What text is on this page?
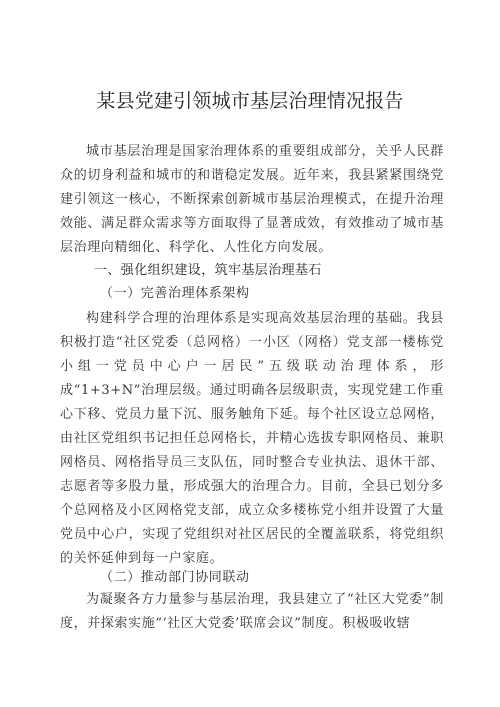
某县党建引领城市基层治理情况报告
城市基层治理是国家治理体系的重要组成部分，关乎人民群众的切身利益和城市的和谐稳定发展。近年来，我县紧紧围绕党建引领这一核心，不断探索创新城市基层治理模式，在提升治理效能、满足群众需求等方面取得了显著成效，有效推动了城市基层治理向精细化、科学化、人性化方向发展。
一、强化组织建设，筑牢基层治理基石
（一）完善治理体系架构
构建科学合理的治理体系是实现高效基层治理的基础。我县积极打造“社区党委（总网格）一小区（网格）党支部一楼栋党小组一党员中心户一居民”五级联动治理体系，形成“1+3+N”治理层级。通过明确各层级职责，实现党建工作重心下移、党员力量下沉、服务触角下延。每个社区设立总网格，由社区党组织书记担任总网格长，并精心选拔专职网格员、兼职网格员、网格指导员三支队伍，同时整合专业执法、退休干部、志愿者等多股力量，形成强大的治理合力。目前，全县已划分多个总网格及小区网格党支部，成立众多楼栋党小组并设置了大量党员中心户，实现了党组织对社区居民的全覆盖联系，将党组织的关怀延伸到每一户家庭。
（二）推动部门协同联动
为凝聚各方力量参与基层治理，我县建立了“社区大党委”制度，并探索实施“‘社区大党委’联席会议”制度。积极吸收辖
